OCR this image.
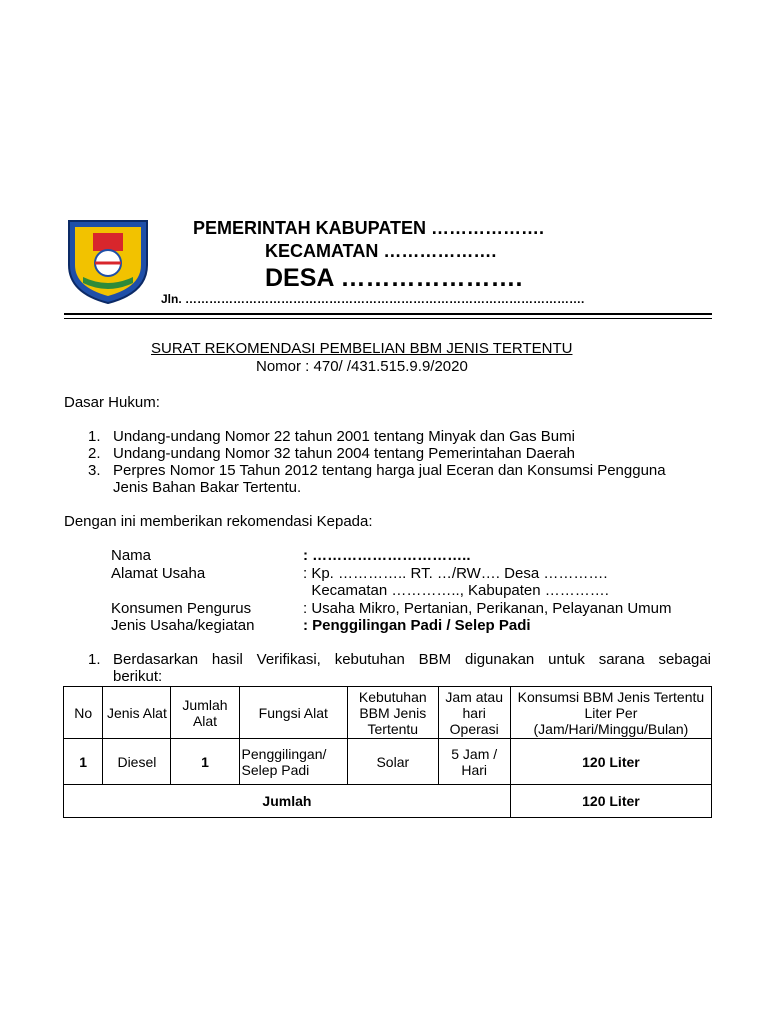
PEMERINTAH KABUPATEN ……………….
KECAMATAN ……………….
DESA ………………….
Jln. ……………………………………………………………………………………….
SURAT REKOMENDASI PEMBELIAN BBM JENIS TERTENTU
Nomor : 470/ /431.515.9.9/2020
Dasar Hukum:
1. Undang-undang Nomor 22 tahun 2001 tentang Minyak dan Gas Bumi
2. Undang-undang Nomor 32 tahun 2004 tentang Pemerintahan Daerah
3. Perpres Nomor 15 Tahun 2012 tentang harga jual Eceran dan Konsumsi Pengguna
Jenis Bahan Bakar Tertentu.
Dengan ini memberikan rekomendasi Kepada:
Nama	: …………………………..
Alamat Usaha	: Kp. ………….. RT. …/RW…. Desa ………….
Kecamatan ………….., Kabupaten ………….
Konsumen Pengurus	: Usaha Mikro, Pertanian, Perikanan, Pelayanan Umum
Jenis Usaha/kegiatan	: Penggilingan Padi / Selep Padi
1. Berdasarkan hasil Verifikasi, kebutuhan BBM digunakan untuk sarana sebagai
berikut:
No	Jenis Alat	Jumlah Alat	Fungsi Alat	Kebutuhan BBM Jenis Tertentu	Jam atau hari Operasi	Konsumsi BBM Jenis Tertentu Liter Per (Jam/Hari/Minggu/Bulan)
1	Diesel	1	Penggilingan/ Selep Padi	Solar	5 Jam / Hari	120 Liter
Jumlah						120 Liter
